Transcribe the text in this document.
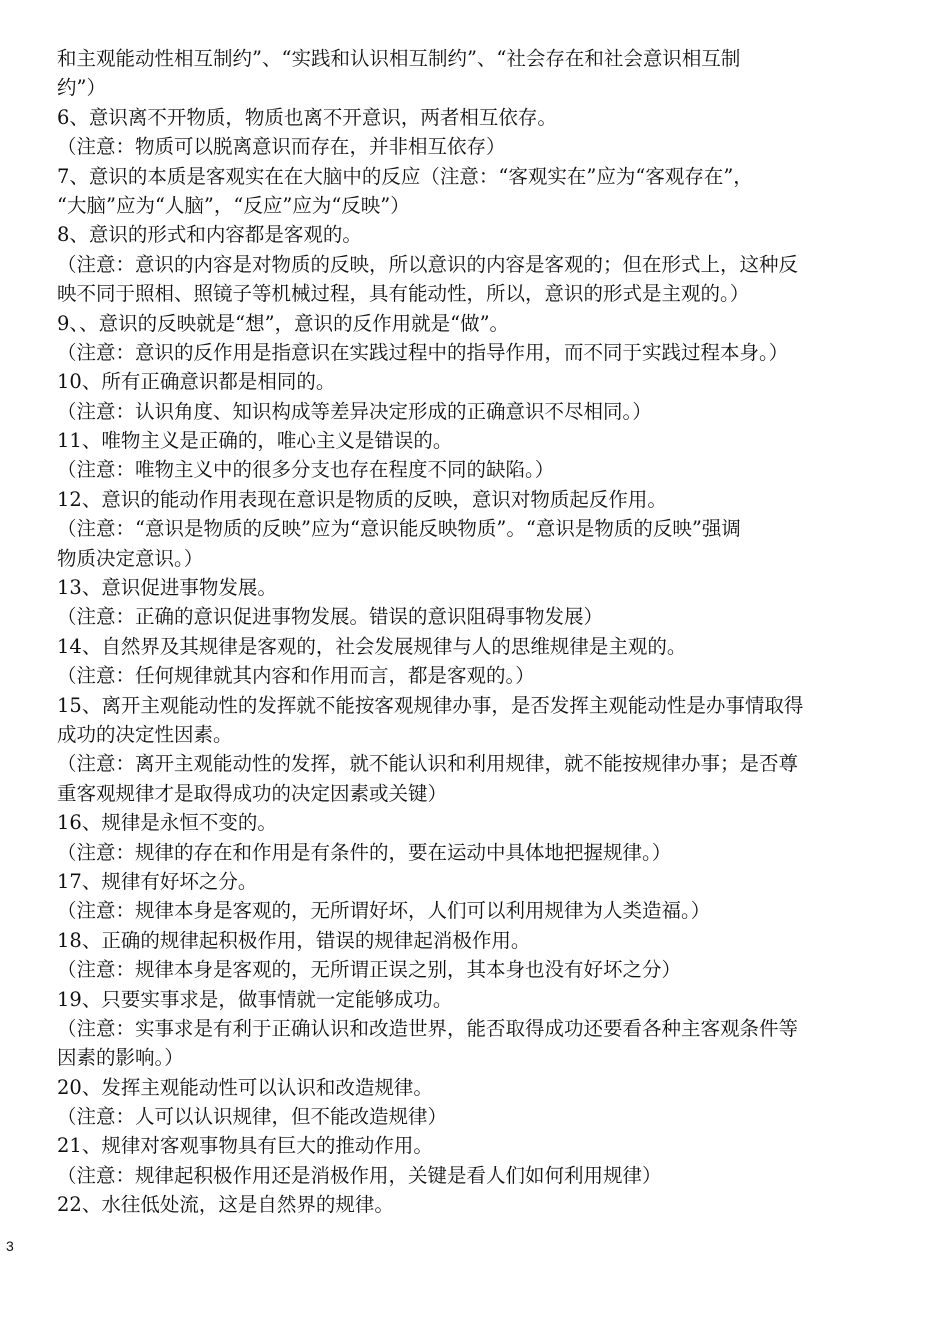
和主观能动性相互制约”、“实践和认识相互制约”、“社会存在和社会意识相互制
约”）
6、意识离不开物质，物质也离不开意识，两者相互依存。
（注意：物质可以脱离意识而存在，并非相互依存）
7、意识的本质是客观实在在大脑中的反应（注意：“客观实在”应为“客观存在”，
“大脑”应为“人脑”，“反应”应为“反映”）
8、意识的形式和内容都是客观的。
（注意：意识的内容是对物质的反映，所以意识的内容是客观的；但在形式上，这种反
映不同于照相、照镜子等机械过程，具有能动性，所以，意识的形式是主观的。）
9、、意识的反映就是“想”，意识的反作用就是“做”。
（注意：意识的反作用是指意识在实践过程中的指导作用，而不同于实践过程本身。）
10、所有正确意识都是相同的。
（注意：认识角度、知识构成等差异决定形成的正确意识不尽相同。）
11、唯物主义是正确的，唯心主义是错误的。
（注意：唯物主义中的很多分支也存在程度不同的缺陷。）
12、意识的能动作用表现在意识是物质的反映，意识对物质起反作用。
（注意：“意识是物质的反映”应为“意识能反映物质”。“意识是物质的反映”强调
物质决定意识。）
13、意识促进事物发展。
（注意：正确的意识促进事物发展。错误的意识阻碍事物发展）
14、自然界及其规律是客观的，社会发展规律与人的思维规律是主观的。
（注意：任何规律就其内容和作用而言，都是客观的。）
15、离开主观能动性的发挥就不能按客观规律办事，是否发挥主观能动性是办事情取得
成功的决定性因素。
（注意：离开主观能动性的发挥，就不能认识和利用规律，就不能按规律办事；是否尊
重客观规律才是取得成功的决定因素或关键）
16、规律是永恒不变的。
（注意：规律的存在和作用是有条件的，要在运动中具体地把握规律。）
17、规律有好坏之分。
（注意：规律本身是客观的，无所谓好坏，人们可以利用规律为人类造福。）
18、正确的规律起积极作用，错误的规律起消极作用。
（注意：规律本身是客观的，无所谓正误之别，其本身也没有好坏之分）
19、只要实事求是，做事情就一定能够成功。
（注意：实事求是有利于正确认识和改造世界，能否取得成功还要看各种主客观条件等
因素的影响。）
20、发挥主观能动性可以认识和改造规律。
（注意：人可以认识规律，但不能改造规律）
21、规律对客观事物具有巨大的推动作用。
（注意：规律起积极作用还是消极作用，关键是看人们如何利用规律）
22、水往低处流，这是自然界的规律。
3
